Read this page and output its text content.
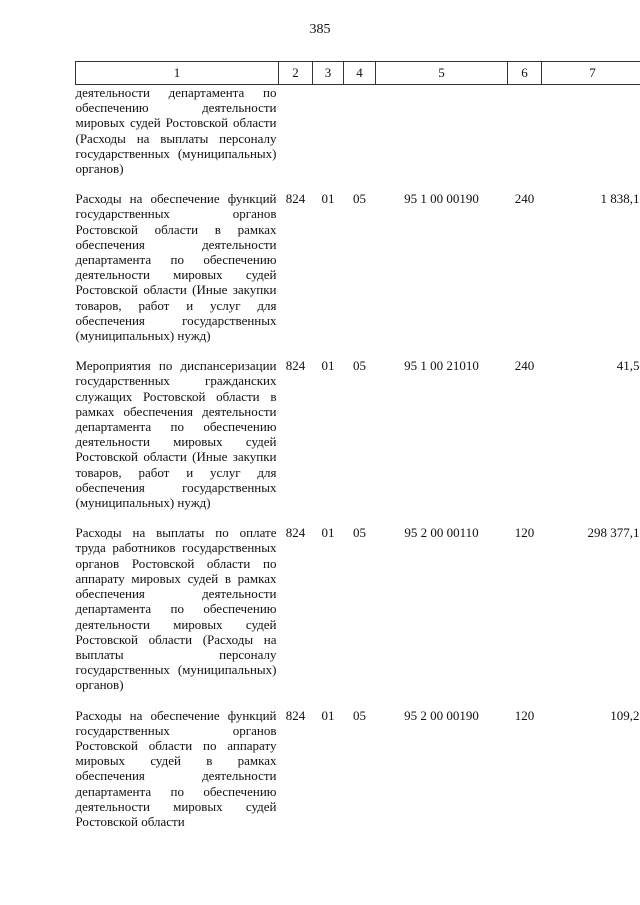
385
1	2	3	4	5	6	7
деятельности департамента по обеспечению деятельности мировых судей Ростовской области (Расходы на выплаты персоналу государственных (муниципальных) органов)						

Расходы на обеспечение функций государственных органов Ростовской области в рамках обеспечения деятельности департамента по обеспечению деятельности мировых судей Ростовской области (Иные закупки товаров, работ и услуг для обеспечения государственных (муниципальных) нужд)	824	01	05	95 1 00 00190	240	1 838,1

Мероприятия по диспансеризации государственных гражданских служащих Ростовской области в рамках обеспечения деятельности департамента по обеспечению деятельности мировых судей Ростовской области (Иные закупки товаров, работ и услуг для обеспечения государственных (муниципальных) нужд)	824	01	05	95 1 00 21010	240	41,5

Расходы на выплаты по оплате труда работников государственных органов Ростовской области по аппарату мировых судей в рамках обеспечения деятельности департамента по обеспечению деятельности мировых судей Ростовской области (Расходы на выплаты персоналу государственных (муниципальных) органов)	824	01	05	95 2 00 00110	120	298 377,1

Расходы на обеспечение функций государственных органов Ростовской области по аппарату мировых судей в рамках обеспечения деятельности департамента по обеспечению деятельности мировых судей Ростовской области	824	01	05	95 2 00 00190	120	109,2
